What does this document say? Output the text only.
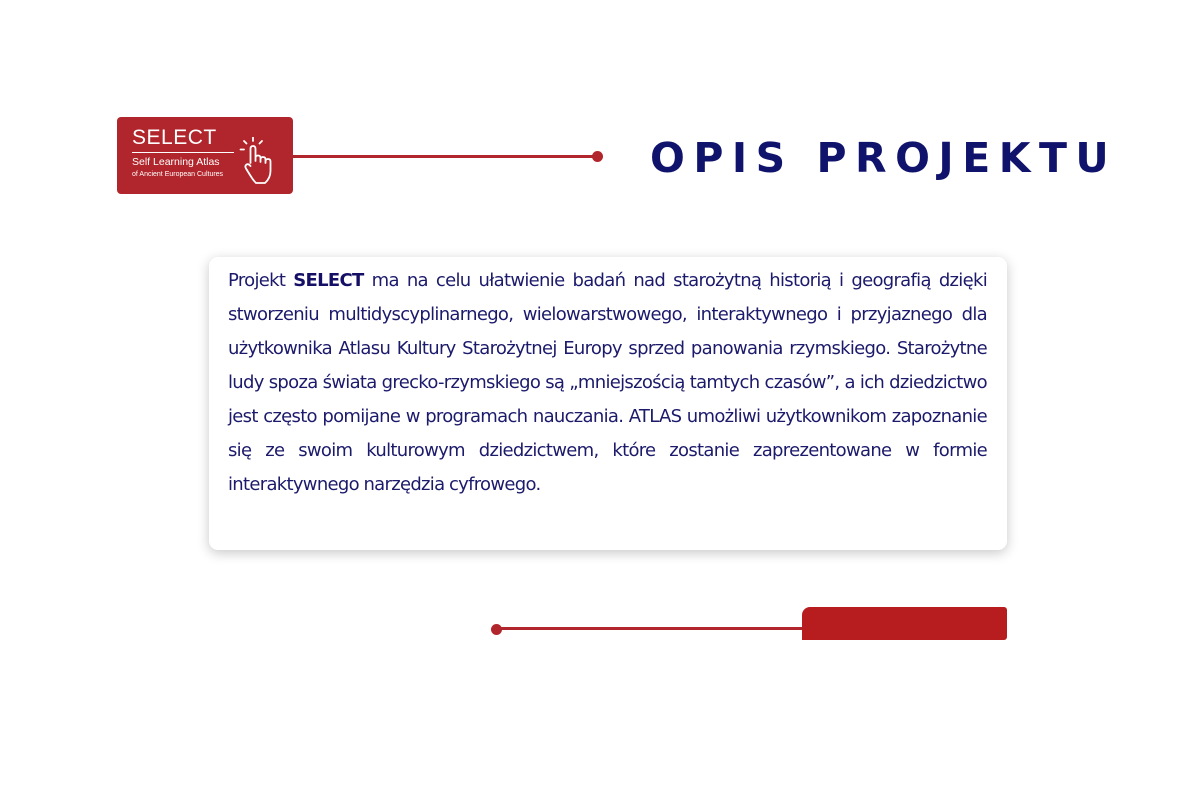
SELECT
Self Learning Atlas
of Ancient European Cultures	OPIS PROJEKTU

Projekt SELECT ma na celu ułatwienie badań nad starożytną historią i geografią dzięki stworzeniu multidyscyplinarnego, wielowarstwowego, interaktywnego i przyjaznego dla użytkownika Atlasu Kultury Starożytnej Europy sprzed panowania rzymskiego. Starożytne ludy spoza świata grecko-rzymskiego są „mniejszością tamtych czasów”, a ich dziedzictwo jest często pomijane w programach nauczania. ATLAS umożliwi użytkownikom zapoznanie się ze swoim kulturowym dziedzictwem, które zostanie zaprezentowane w formie interaktywnego narzędzia cyfrowego.
